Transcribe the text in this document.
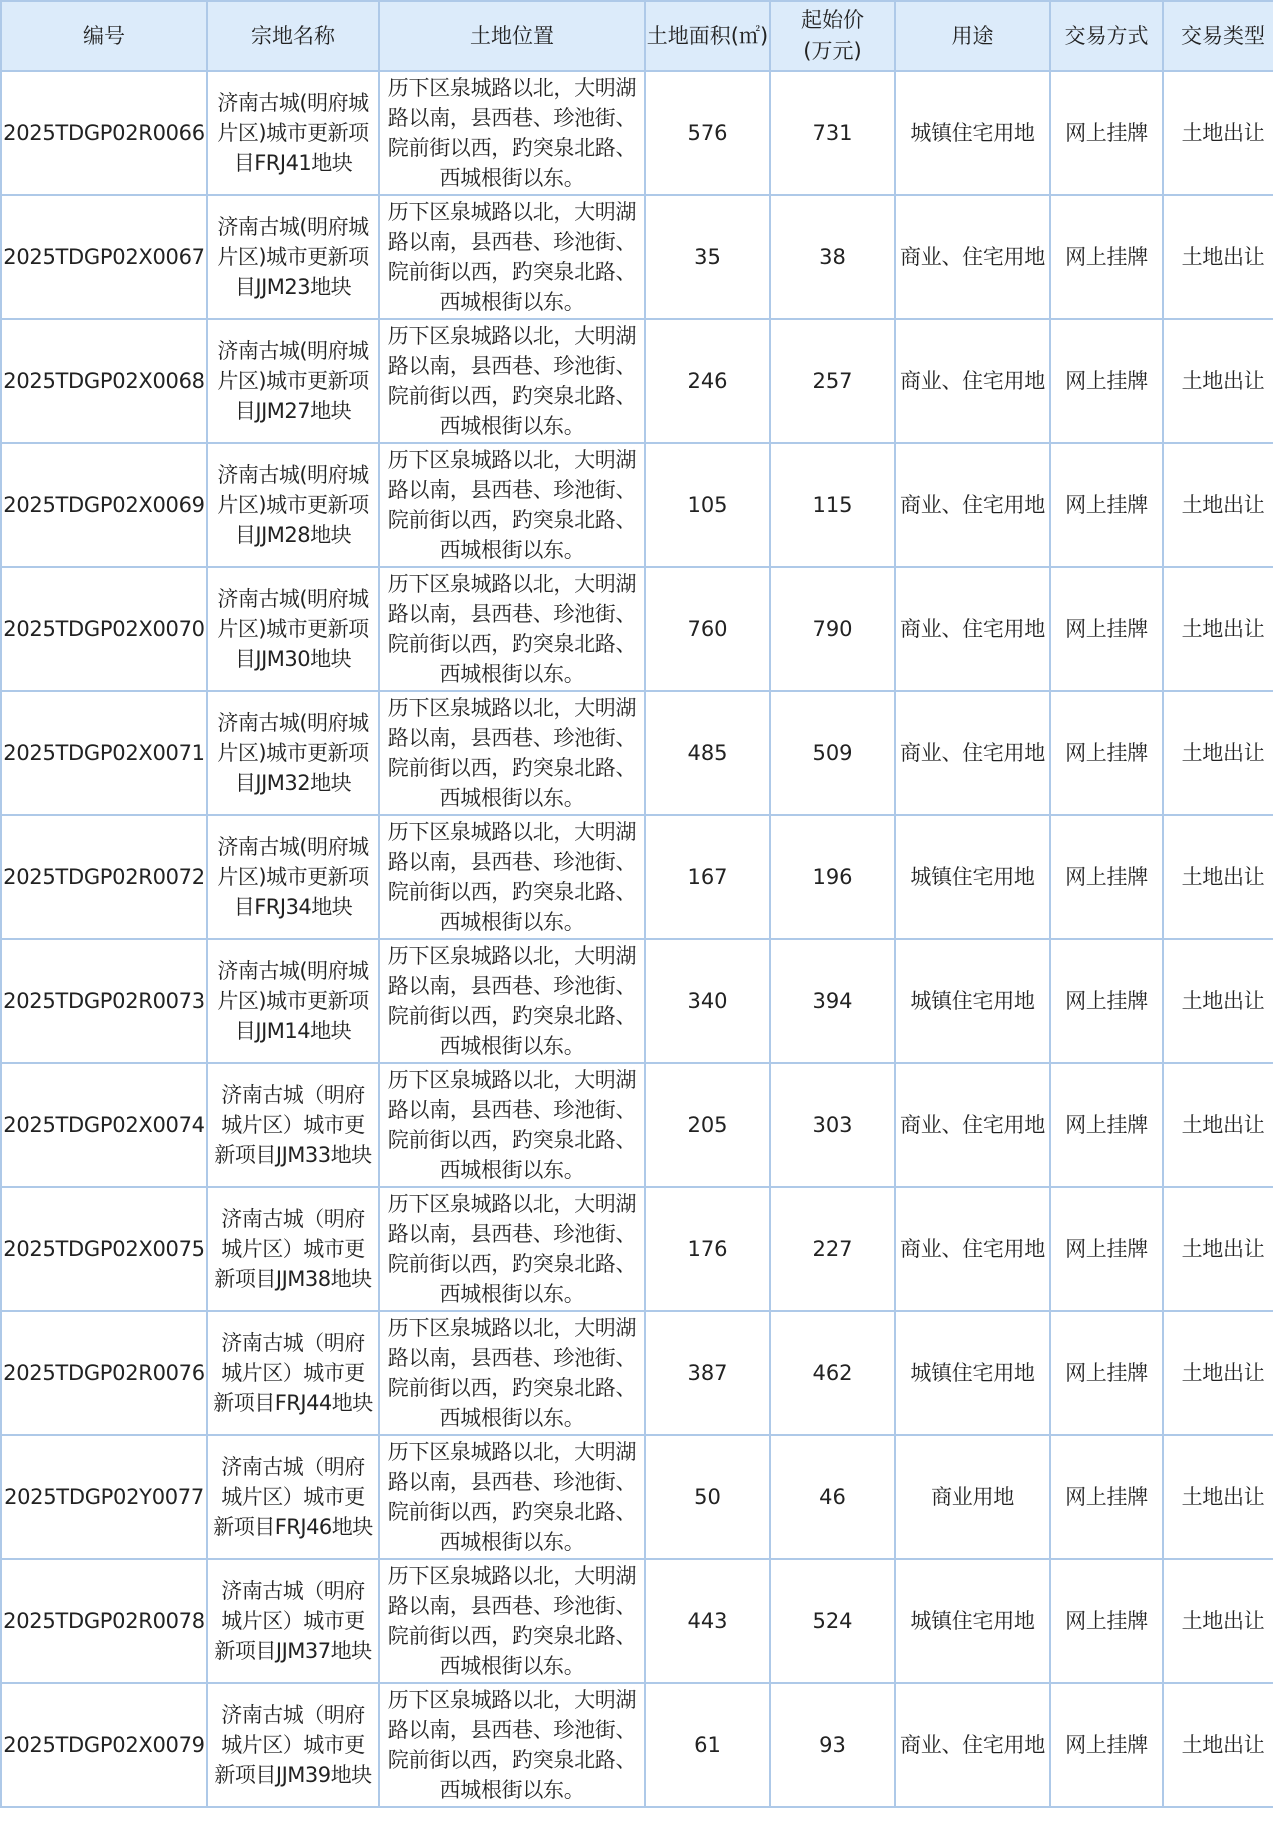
编号	宗地名称	土地位置	土地面积(㎡)	起始价
(万元)	用途	交易方式	交易类型
2025TDGP02R0066	济南古城(明府城
片区)城市更新项
目FRJ41地块	历下区泉城路以北，大明湖
路以南，县西巷、珍池街、
院前街以西，趵突泉北路、
西城根街以东。	576	731	城镇住宅用地	网上挂牌	土地出让
2025TDGP02X0067	济南古城(明府城
片区)城市更新项
目JJM23地块	历下区泉城路以北，大明湖
路以南，县西巷、珍池街、
院前街以西，趵突泉北路、
西城根街以东。	35	38	商业、住宅用地	网上挂牌	土地出让
2025TDGP02X0068	济南古城(明府城
片区)城市更新项
目JJM27地块	历下区泉城路以北，大明湖
路以南，县西巷、珍池街、
院前街以西，趵突泉北路、
西城根街以东。	246	257	商业、住宅用地	网上挂牌	土地出让
2025TDGP02X0069	济南古城(明府城
片区)城市更新项
目JJM28地块	历下区泉城路以北，大明湖
路以南，县西巷、珍池街、
院前街以西，趵突泉北路、
西城根街以东。	105	115	商业、住宅用地	网上挂牌	土地出让
2025TDGP02X0070	济南古城(明府城
片区)城市更新项
目JJM30地块	历下区泉城路以北，大明湖
路以南，县西巷、珍池街、
院前街以西，趵突泉北路、
西城根街以东。	760	790	商业、住宅用地	网上挂牌	土地出让
2025TDGP02X0071	济南古城(明府城
片区)城市更新项
目JJM32地块	历下区泉城路以北，大明湖
路以南，县西巷、珍池街、
院前街以西，趵突泉北路、
西城根街以东。	485	509	商业、住宅用地	网上挂牌	土地出让
2025TDGP02R0072	济南古城(明府城
片区)城市更新项
目FRJ34地块	历下区泉城路以北，大明湖
路以南，县西巷、珍池街、
院前街以西，趵突泉北路、
西城根街以东。	167	196	城镇住宅用地	网上挂牌	土地出让
2025TDGP02R0073	济南古城(明府城
片区)城市更新项
目JJM14地块	历下区泉城路以北，大明湖
路以南，县西巷、珍池街、
院前街以西，趵突泉北路、
西城根街以东。	340	394	城镇住宅用地	网上挂牌	土地出让
2025TDGP02X0074	济南古城（明府
城片区）城市更
新项目JJM33地块	历下区泉城路以北，大明湖
路以南，县西巷、珍池街、
院前街以西，趵突泉北路、
西城根街以东。	205	303	商业、住宅用地	网上挂牌	土地出让
2025TDGP02X0075	济南古城（明府
城片区）城市更
新项目JJM38地块	历下区泉城路以北，大明湖
路以南，县西巷、珍池街、
院前街以西，趵突泉北路、
西城根街以东。	176	227	商业、住宅用地	网上挂牌	土地出让
2025TDGP02R0076	济南古城（明府
城片区）城市更
新项目FRJ44地块	历下区泉城路以北，大明湖
路以南，县西巷、珍池街、
院前街以西，趵突泉北路、
西城根街以东。	387	462	城镇住宅用地	网上挂牌	土地出让
2025TDGP02Y0077	济南古城（明府
城片区）城市更
新项目FRJ46地块	历下区泉城路以北，大明湖
路以南，县西巷、珍池街、
院前街以西，趵突泉北路、
西城根街以东。	50	46	商业用地	网上挂牌	土地出让
2025TDGP02R0078	济南古城（明府
城片区）城市更
新项目JJM37地块	历下区泉城路以北，大明湖
路以南，县西巷、珍池街、
院前街以西，趵突泉北路、
西城根街以东。	443	524	城镇住宅用地	网上挂牌	土地出让
2025TDGP02X0079	济南古城（明府
城片区）城市更
新项目JJM39地块	历下区泉城路以北，大明湖
路以南，县西巷、珍池街、
院前街以西，趵突泉北路、
西城根街以东。	61	93	商业、住宅用地	网上挂牌	土地出让
